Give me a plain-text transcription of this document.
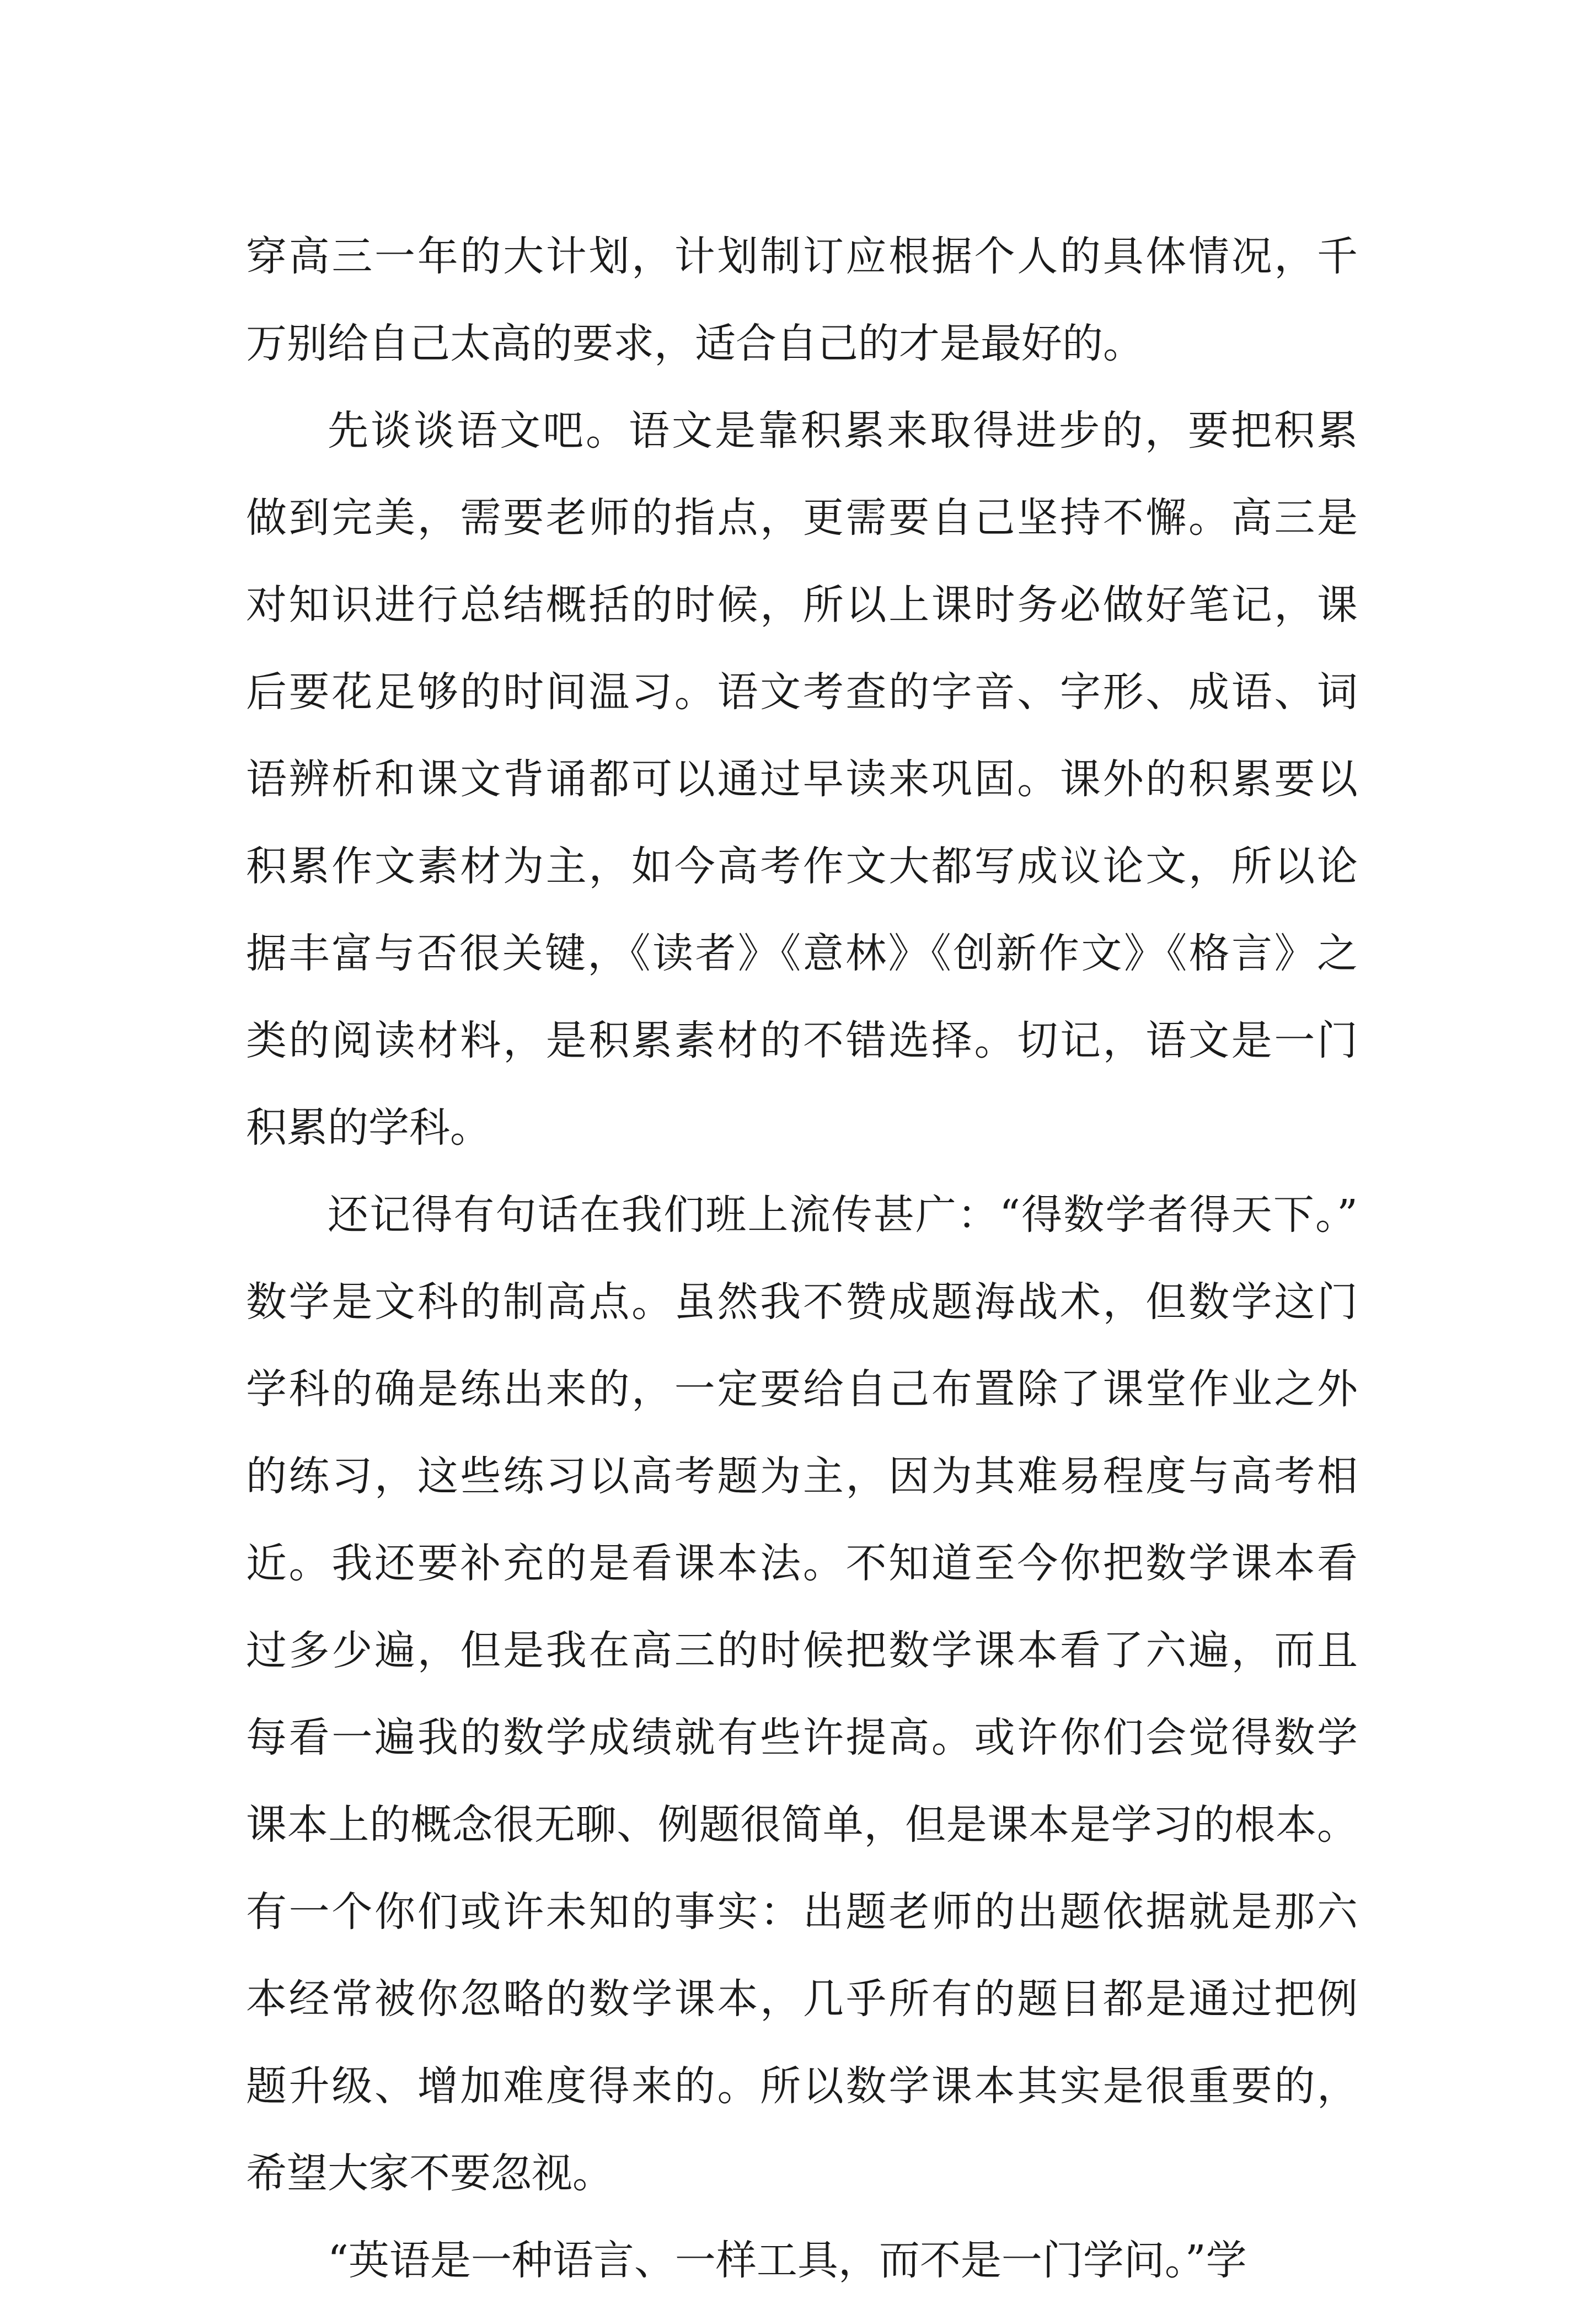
穿高三一年的大计划，计划制订应根据个人的具体情况，千
万别给自己太高的要求，适合自己的才是最好的。
先谈谈语文吧。语文是靠积累来取得进步的，要把积累
做到完美，需要老师的指点，更需要自己坚持不懈。高三是
对知识进行总结概括的时候，所以上课时务必做好笔记，课
后要花足够的时间温习。语文考查的字音、字形、成语、词
语辨析和课文背诵都可以通过早读来巩固。课外的积累要以
积累作文素材为主，如今高考作文大都写成议论文，所以论
据丰富与否很关键，《读者》《意林》《创新作文》《格言》之
类的阅读材料，是积累素材的不错选择。切记，语文是一门
积累的学科。
还记得有句话在我们班上流传甚广：“得数学者得天下。”
数学是文科的制高点。虽然我不赞成题海战术，但数学这门
学科的确是练出来的，一定要给自己布置除了课堂作业之外
的练习，这些练习以高考题为主，因为其难易程度与高考相
近。我还要补充的是看课本法。不知道至今你把数学课本看
过多少遍，但是我在高三的时候把数学课本看了六遍，而且
每看一遍我的数学成绩就有些许提高。或许你们会觉得数学
课本上的概念很无聊、例题很简单，但是课本是学习的根本。
有一个你们或许未知的事实：出题老师的出题依据就是那六
本经常被你忽略的数学课本，几乎所有的题目都是通过把例
题升级、增加难度得来的。所以数学课本其实是很重要的，
希望大家不要忽视。
“英语是一种语言、一样工具，而不是一门学问。”学
